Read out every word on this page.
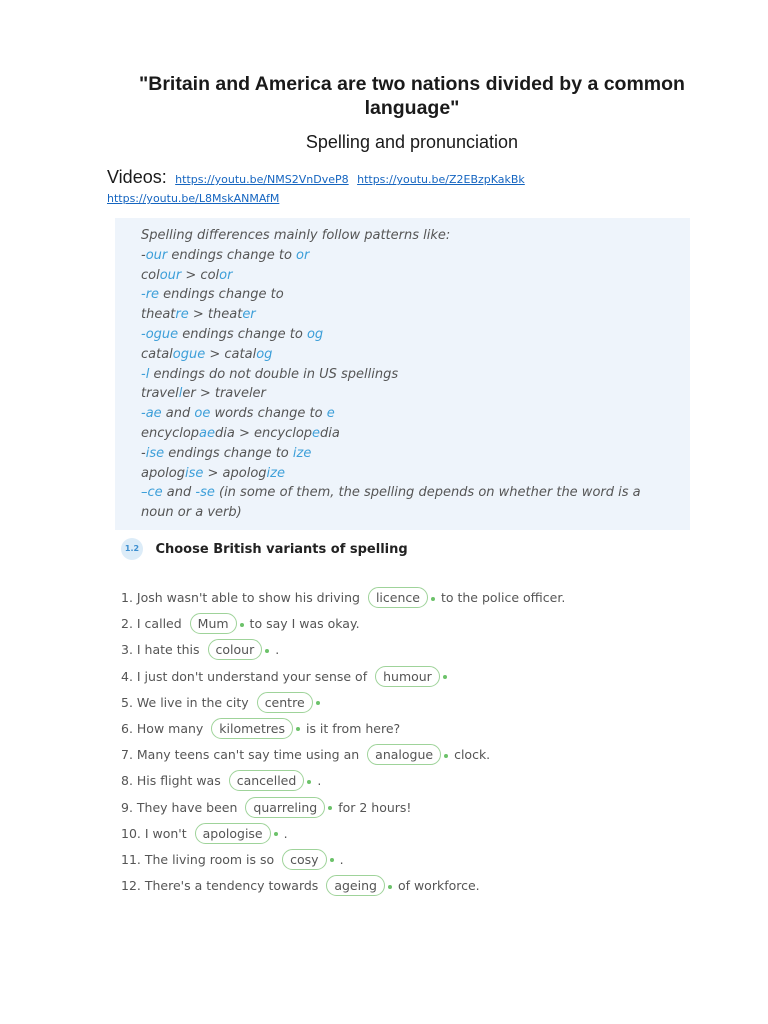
"Britain and America are two nations divided by a common language"
Spelling and pronunciation
Videos: https://youtu.be/NMS2VnDveP8 https://youtu.be/Z2EBzpKakBk
https://youtu.be/L8MskANMAfM
Spelling differences mainly follow patterns like:
-our endings change to or
colour > color
-re endings change to
theatre > theater
-ogue endings change to og
catalogue > catalog
-l endings do not double in US spellings
traveller > traveler
-ae and oe words change to e
encyclopaedia > encyclopedia
-ise endings change to ize
apologise > apologize
–ce and -se (in some of them, the spelling depends on whether the word is a noun or a verb)
1.2 Choose British variants of spelling
1. Josh wasn't able to show his driving licence to the police officer.
2. I called Mum to say I was okay.
3. I hate this colour .
4. I just don't understand your sense of humour
5. We live in the city centre
6. How many kilometres is it from here?
7. Many teens can't say time using an analogue clock.
8. His flight was cancelled .
9. They have been quarreling for 2 hours!
10. I won't apologise .
11. The living room is so cosy .
12. There's a tendency towards ageing of workforce.
